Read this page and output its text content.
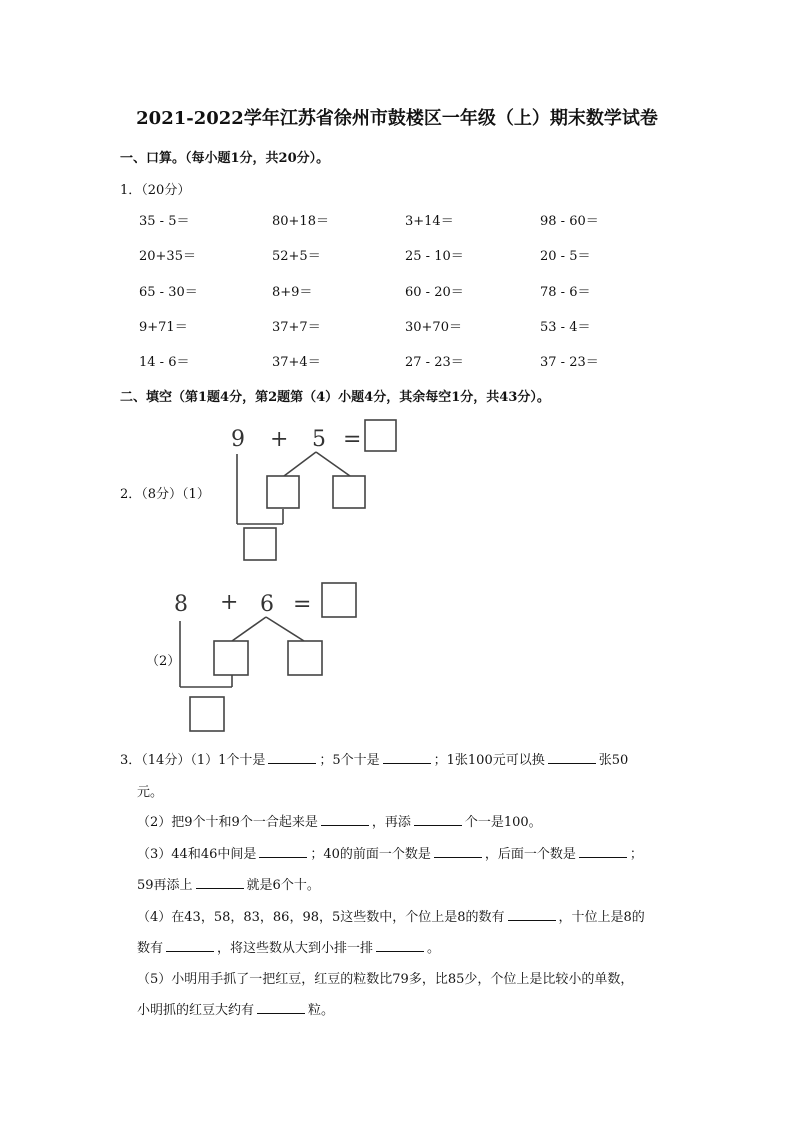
2021-2022学年江苏省徐州市鼓楼区一年级（上）期末数学试卷
一、口算。（每小题1分，共20分）。
1．（20分）
35 - 5＝	80+18＝	3+14＝	98 - 60＝
20+35＝	52+5＝	25 - 10＝	20 - 5＝
65 - 30＝	8+9＝	60 - 20＝	78 - 6＝
9+71＝	37+7＝	30+70＝	53 - 4＝
14 - 6＝	37+4＝	27 - 23＝	37 - 23＝
二、填空（第1题4分，第2题第（4）小题4分，其余每空1分，共43分）。
2．（8分）（1）
9 + 5 =
（2）
8 + 6 =
3．（14分）（1）1个十是	；5个十是	；1张100元可以换	张50
元。
（2）把9个十和9个一合起来是	，再添	个一是100。
（3）44和46中间是	；40的前面一个数是	，后面一个数是	；
59再添上	就是6个十。
（4）在43，58，83，86，98，5这些数中，个位上是8的数有	，十位上是8的
数有	，将这些数从大到小排一排	。
（5）小明用手抓了一把红豆，红豆的粒数比79多，比85少，个位上是比较小的单数，
小明抓的红豆大约有	粒。
